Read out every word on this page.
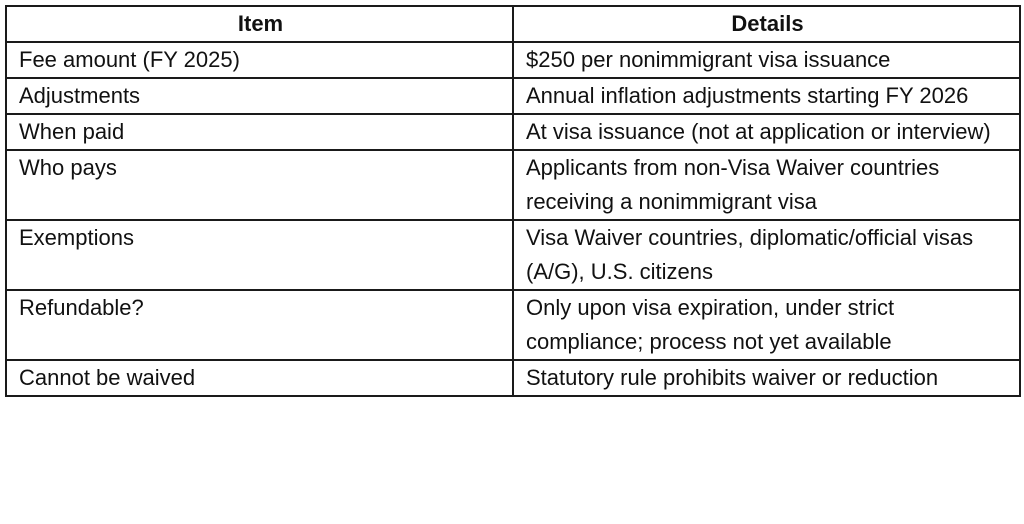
Item	Details
Fee amount (FY 2025)	$250 per nonimmigrant visa issuance
Adjustments	Annual inflation adjustments starting FY 2026
When paid	At visa issuance (not at application or interview)
Who pays	Applicants from non-Visa Waiver countries receiving a nonimmigrant visa
Exemptions	Visa Waiver countries, diplomatic/official visas (A/G), U.S. citizens
Refundable?	Only upon visa expiration, under strict compliance; process not yet available
Cannot be waived	Statutory rule prohibits waiver or reduction
